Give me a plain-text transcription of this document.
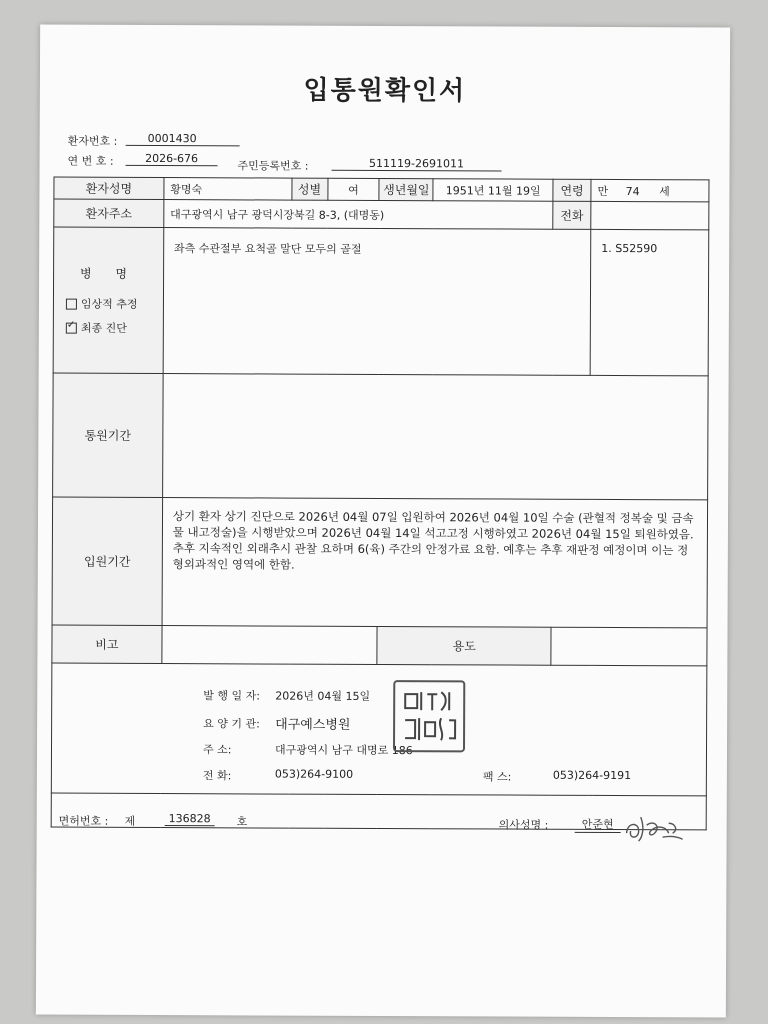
입통원확인서
환자번호 :	0001430
연 번 호 :	2026-676
주민등록번호 :	511119-2691011
환자성명	황명숙	성별	여	생년월일	1951년 11월 19일	연령	만 74 세
환자주소	대구광역시 남구 광덕시장북길 8-3, (대명동)					전화	

병 명
임상적 추정
✓
최종 진단	좌측 수관절부 요척골 말단 모두의 골절						1. S52590
통원기간							
입원기간	상기 환자 상기 진단으로 2026년 04월 07일 입원하여 2026년 04월 10일 수술 (관혈적 정복술 및 금속물 내고정술)을 시행받았으며 2026년 04월 14일 석고고정 시행하였고 2026년 04월 15일 퇴원하였음. 추후 지속적인 외래추시 관찰 요하며 6(육) 주간의 안정가료 요함. 예후는 추후 재판정 예정이며 이는 정형외과적인 영역에 한함.						
비고				용도			

발 행 일 자: 2026년 04월 15일
요 양 기 관: 대구예스병원
주 소:	대구광역시 남구 대명로 186
전 화:	053)264-9100	팩 스:	053)264-9191
면허번호 : 제	136828	호	의사성명 :	안준현
